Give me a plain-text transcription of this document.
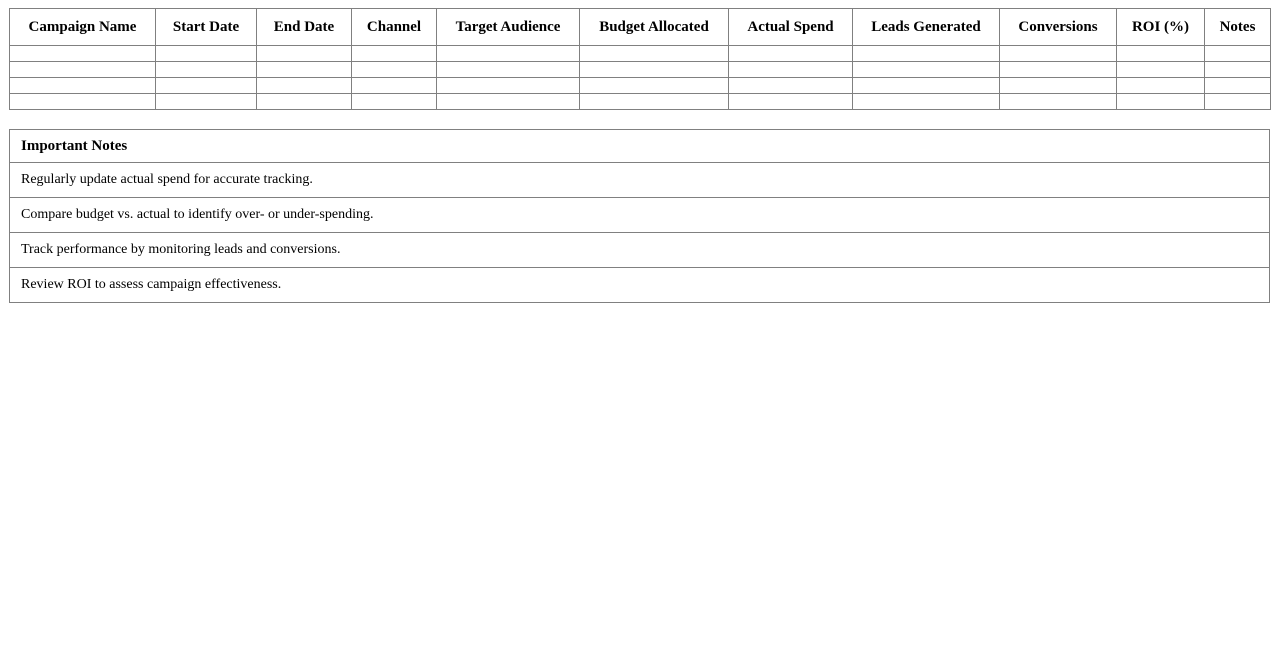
Campaign Name	Start Date	End Date	Channel	Target Audience	Budget Allocated	Actual Spend	Leads Generated	Conversions	ROI (%)	Notes

Important Notes
Regularly update actual spend for accurate tracking.
Compare budget vs. actual to identify over- or under-spending.
Track performance by monitoring leads and conversions.
Review ROI to assess campaign effectiveness.
